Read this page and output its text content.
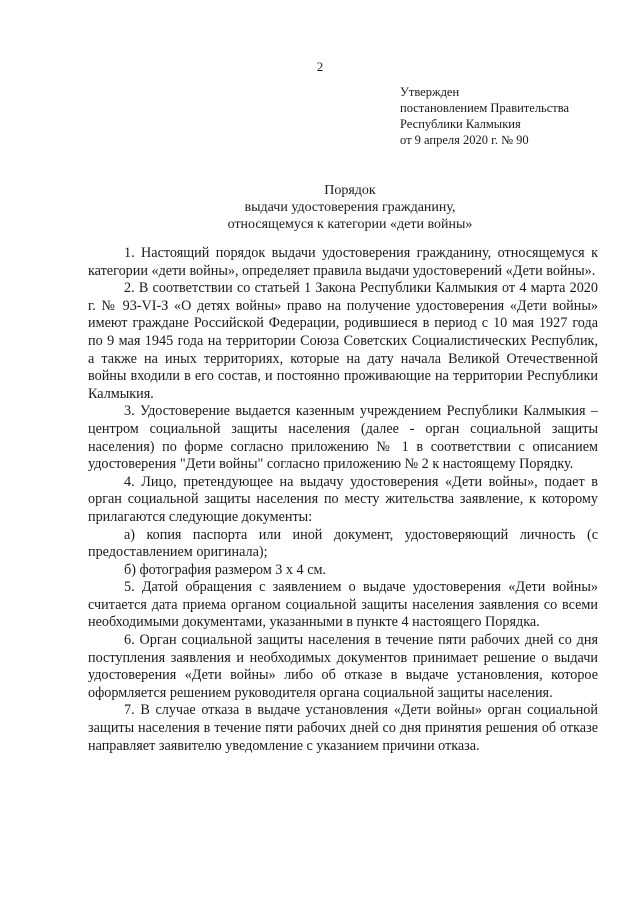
2
Утвержден
постановлением Правительства
Республики Калмыкия
от 9 апреля 2020 г. № 90
Порядок
выдачи удостоверения гражданину,
относящемуся к категории «дети войны»

1. Настоящий порядок выдачи удостоверения гражданину, относящемуся к категории «дети войны», определяет правила выдачи удостоверений «Дети войны».

2. В соответствии со статьей 1 Закона Республики Калмыкия от 4 марта 2020 г. № 93-VI-З «О детях войны» право на получение удостоверения «Дети войны» имеют граждане Российской Федерации, родившиеся в период с 10 мая 1927 года по 9 мая 1945 года на территории Союза Советских Социалистических Республик, а также на иных территориях, которые на дату начала Великой Отечественной войны входили в его состав, и постоянно проживающие на территории Республики Калмыкия.

3. Удостоверение выдается казенным учреждением Республики Калмыкия – центром социальной защиты населения (далее - орган социальной защиты населения) по форме согласно приложению № 1 в соответствии с описанием удостоверения "Дети войны" согласно приложению № 2 к настоящему Порядку.

4. Лицо, претендующее на выдачу удостоверения «Дети войны», подает в орган социальной защиты населения по месту жительства заявление, к которому прилагаются следующие документы:

а) копия паспорта или иной документ, удостоверяющий личность (с предоставлением оригинала);

б) фотография размером 3 х 4 см.

5. Датой обращения с заявлением о выдаче удостоверения «Дети войны» считается дата приема органом социальной защиты населения заявления со всеми необходимыми документами, указанными в пункте 4 настоящего Порядка.

6. Орган социальной защиты населения в течение пяти рабочих дней со дня поступления заявления и необходимых документов принимает решение о выдачи удостоверения «Дети войны» либо об отказе в выдаче установления, которое оформляется решением руководителя органа социальной защиты населения.

7. В случае отказа в выдаче установления «Дети войны» орган социальной защиты населения в течение пяти рабочих дней со дня принятия решения об отказе направляет заявителю уведомление с указанием причини отказа.
